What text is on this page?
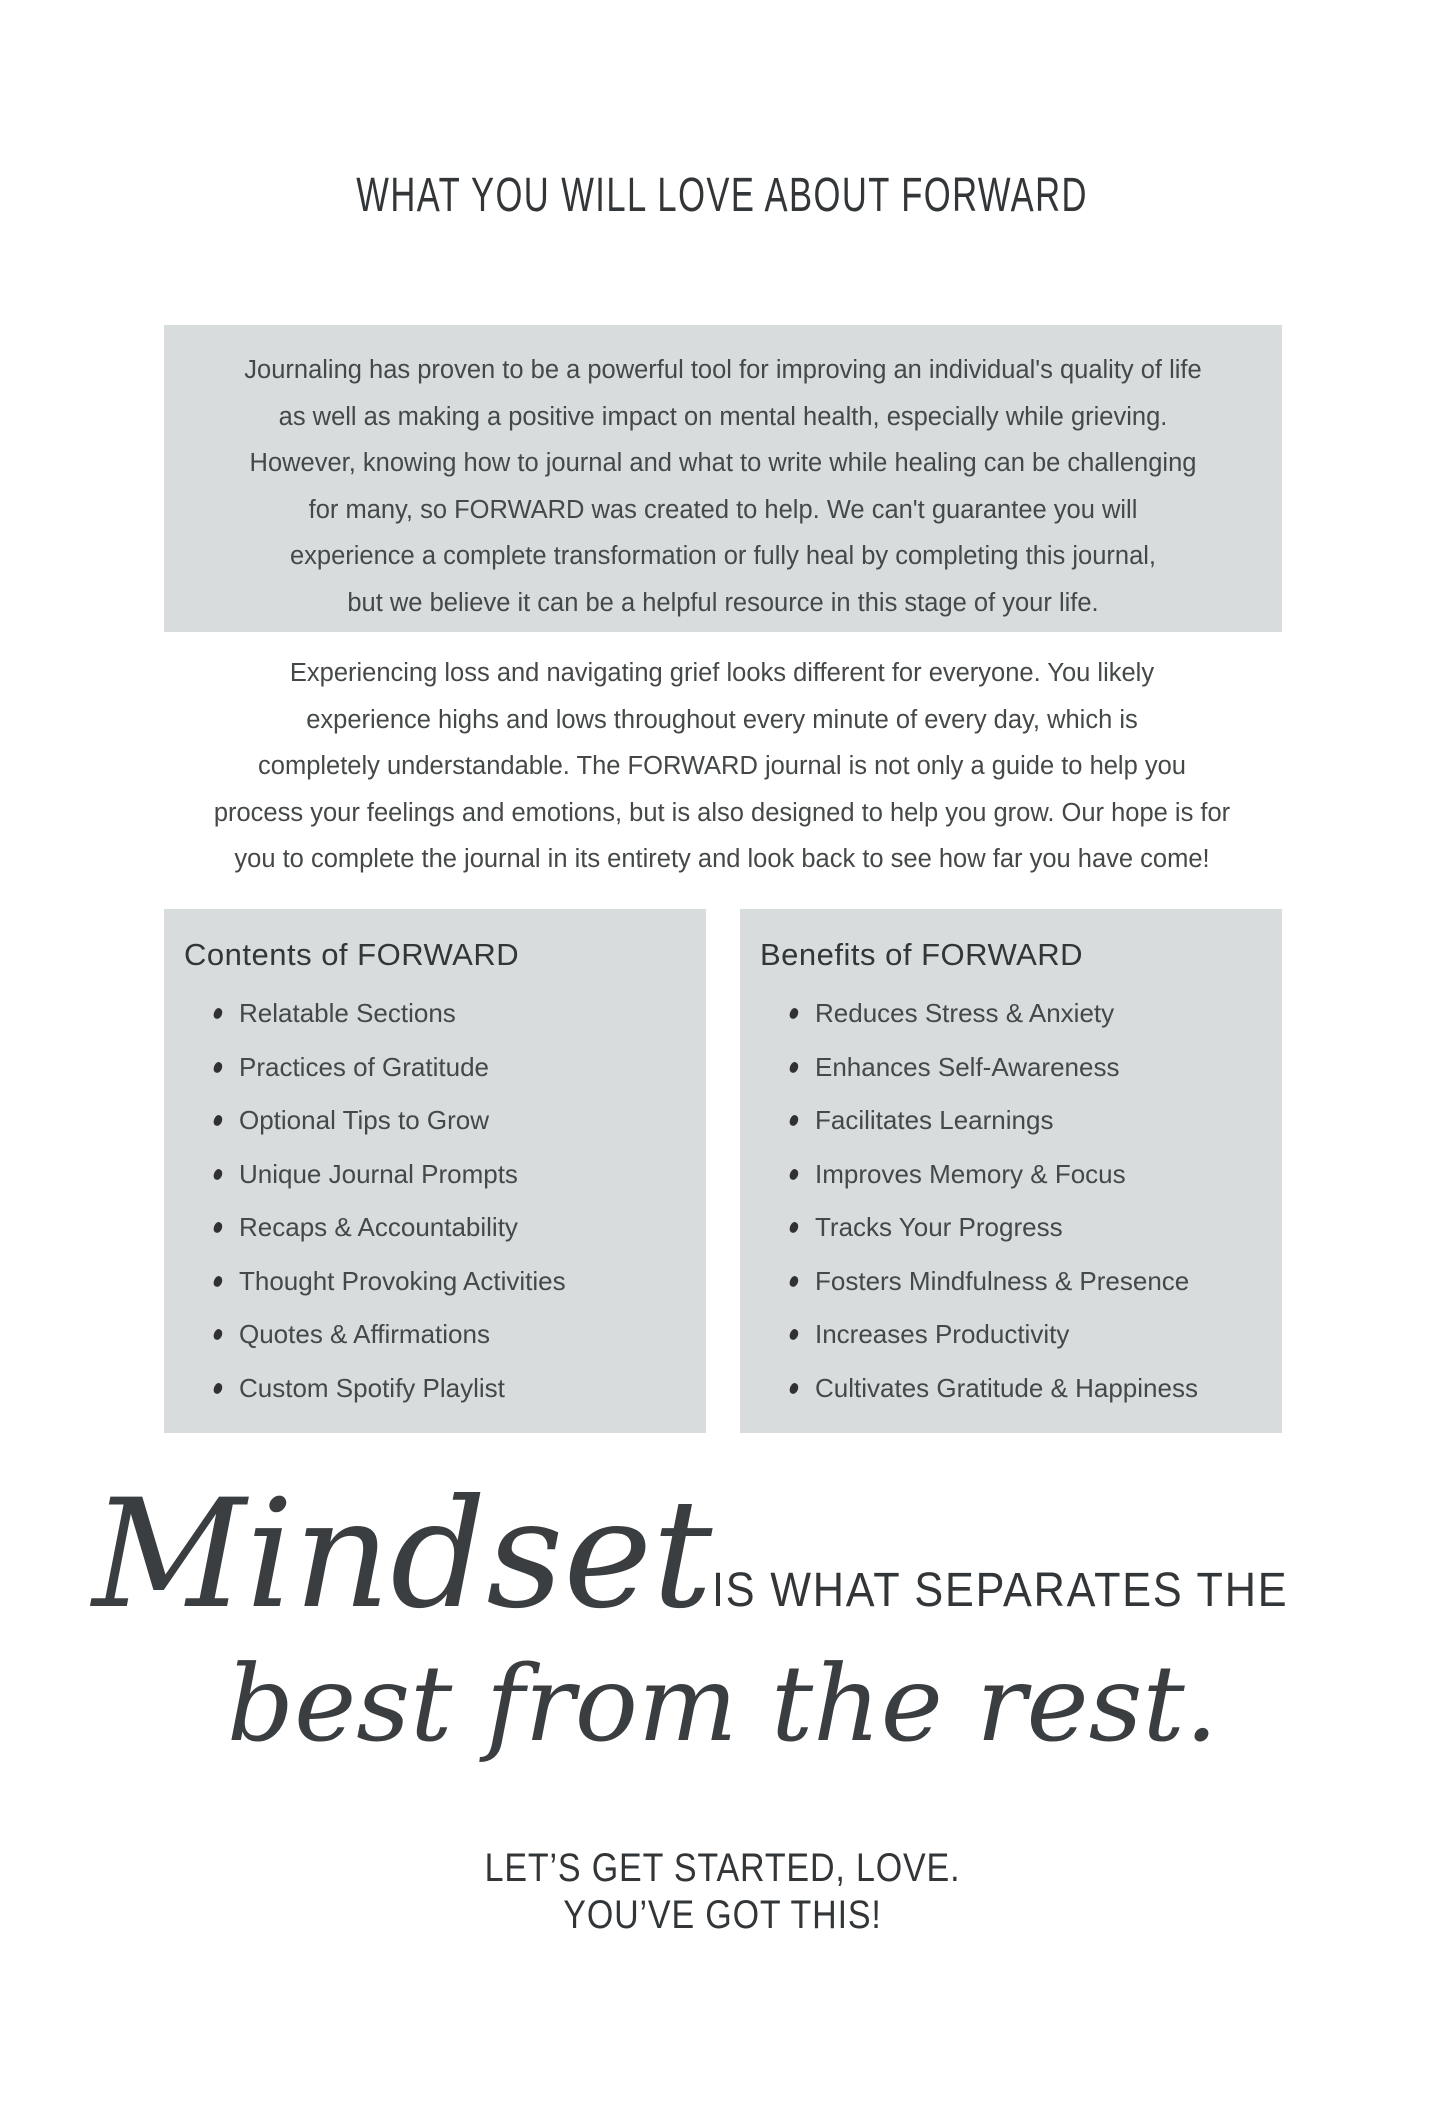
WHAT YOU WILL LOVE ABOUT FORWARD
Journaling has proven to be a powerful tool for improving an individual's quality of life
as well as making a positive impact on mental health, especially while grieving.
However, knowing how to journal and what to write while healing can be challenging
for many, so FORWARD was created to help. We can't guarantee you will
experience a complete transformation or fully heal by completing this journal,
but we believe it can be a helpful resource in this stage of your life.
Experiencing loss and navigating grief looks different for everyone. You likely
experience highs and lows throughout every minute of every day, which is
completely understandable. The FORWARD journal is not only a guide to help you
process your feelings and emotions, but is also designed to help you grow. Our hope is for
you to complete the journal in its entirety and look back to see how far you have come!
Contents of FORWARD
Relatable Sections
Practices of Gratitude
Optional Tips to Grow
Unique Journal Prompts
Recaps & Accountability
Thought Provoking Activities
Quotes & Affirmations
Custom Spotify Playlist
Benefits of FORWARD
Reduces Stress & Anxiety
Enhances Self-Awareness
Facilitates Learnings
Improves Memory & Focus
Tracks Your Progress
Fosters Mindfulness & Presence
Increases Productivity
Cultivates Gratitude & Happiness
Mindset IS WHAT SEPARATES THE
best from the rest.
LET’S GET STARTED, LOVE.
YOU’VE GOT THIS!
